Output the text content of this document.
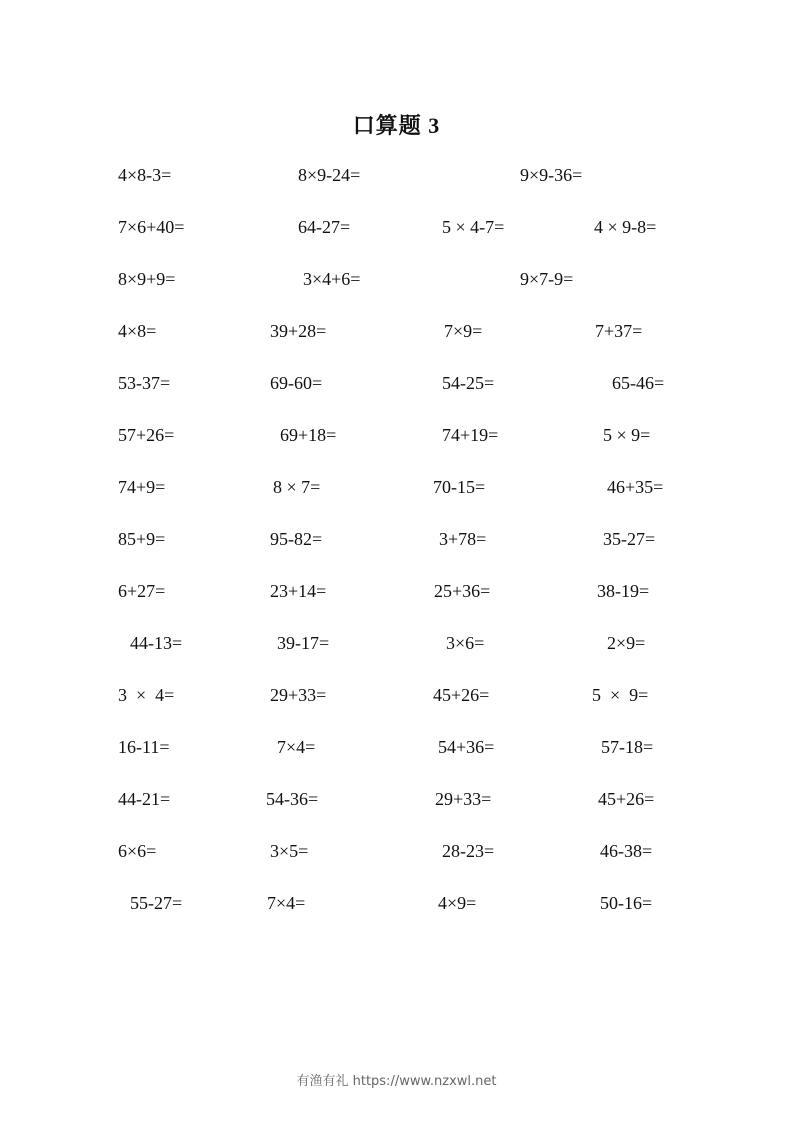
口算题 3
4×8-3=	8×9-24=	9×9-36=
7×6+40=	64-27=	5 × 4-7=	4 × 9-8=
8×9+9=	3×4+6=	9×7-9=
4×8=	39+28=	7×9=	7+37=
53-37=	69-60=	54-25=	65-46=
57+26=	69+18=	74+19=	5 × 9=
74+9=	8 × 7=	70-15=	46+35=
85+9=	95-82=	3+78=	35-27=
6+27=	23+14=	25+36=	38-19=
44-13=	39-17=	3×6=	2×9=
3  ×  4=	29+33=	45+26=	5  ×  9=
16-11=	7×4=	54+36=	57-18=
44-21=	54-36=	29+33=	45+26=
6×6=	3×5=	28-23=	46-38=
55-27=	7×4=	4×9=	50-16=
有渔有礼 https://www.nzxwl.net
